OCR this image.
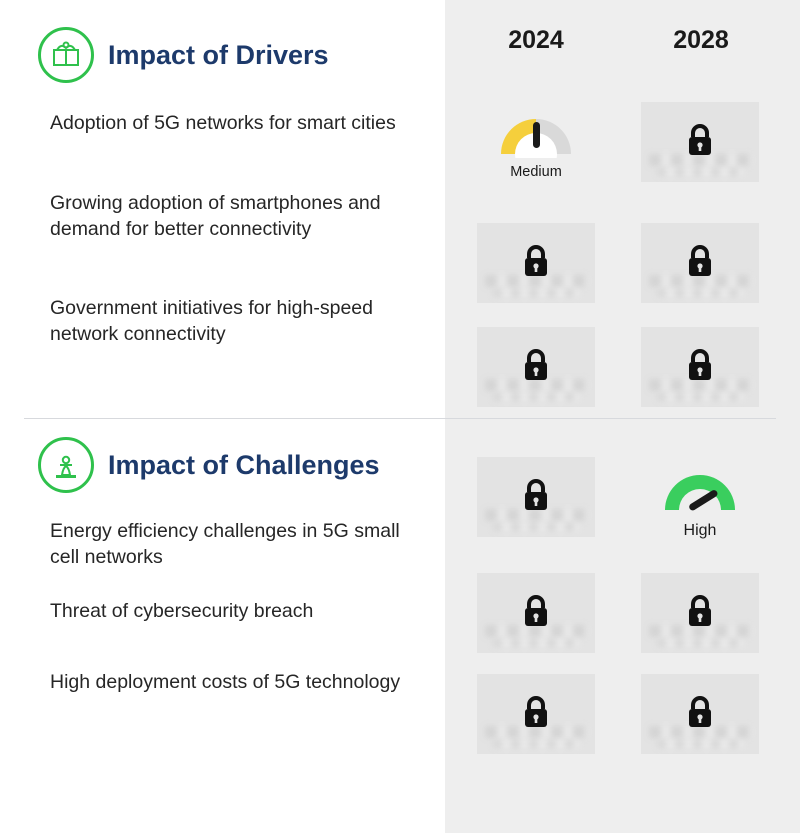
2024	2028
Impact of Drivers
Adoption of 5G networks for smart cities
Growing adoption of smartphones and demand for better connectivity
Government initiatives for high-speed network connectivity
Medium
Impact of Challenges
Energy efficiency challenges in 5G small cell networks
Threat of cybersecurity breach
High deployment costs of 5G technology
High
